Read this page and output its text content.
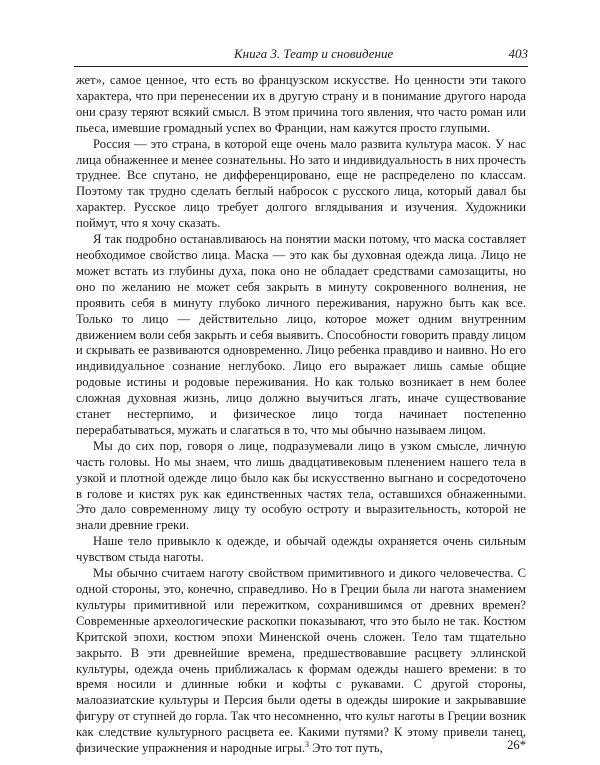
Книга 3. Театр и сновидение	403

жет», самое ценное, что есть во французском искусстве. Но ценности эти такого характера, что при перенесении их в другую страну и в понимание другого народа они сразу теряют всякий смысл. В этом причина того явления, что часто роман или пьеса, имевшие громадный успех во Франции, нам кажутся просто глупыми.

Россия — это страна, в которой еще очень мало развита культура масок. У нас лица обнаженнее и менее сознательны. Но зато и индивидуальность в них прочесть труднее. Все спутано, не дифференцировано, еще не распределено по классам. Поэтому так трудно сделать беглый набросок с русского лица, который давал бы характер. Русское лицо требует долгого вглядывания и изучения. Художники поймут, что я хочу сказать.

Я так подробно останавливаюсь на понятии маски потому, что маска составляет необходимое свойство лица. Маска — это как бы духовная одежда лица. Лицо не может встать из глубины духа, пока оно не обладает средствами самозащиты, но оно по желанию не может себя закрыть в минуту сокровенного волнения, не проявить себя в минуту глубоко личного переживания, наружно быть как все. Только то лицо — действительно лицо, которое может одним внутренним движением воли себя закрыть и себя выявить. Способности говорить правду лицом и скрывать ее развиваются одновременно. Лицо ребенка правдиво и наивно. Но его индивидуальное сознание неглубоко. Лицо его выражает лишь самые общие родовые истины и родовые переживания. Но как только возникает в нем более сложная духовная жизнь, лицо должно выучиться лгать, иначе существование станет нестерпимо, и физическое лицо тогда начинает постепенно перерабатываться, мужать и слагаться в то, что мы обычно называем лицом.

Мы до сих пор, говоря о лице, подразумевали лицо в узком смысле, личную часть головы. Но мы знаем, что лишь двадцативековым пленением нашего тела в узкой и плотной одежде лицо было как бы искусственно выгнано и сосредоточено в голове и кистях рук как единственных частях тела, оставшихся обнаженными. Это дало современному лицу ту особую остроту и выразительность, которой не знали древние греки.

Наше тело привыкло к одежде, и обычай одежды охраняется очень сильным чувством стыда наготы.

Мы обычно считаем наготу свойством примитивного и дикого человечества. С одной стороны, это, конечно, справедливо. Но в Греции была ли нагота знамением культуры примитивной или пережитком, сохранившимся от древних времен? Современные археологические раскопки показывают, что это было не так. Костюм Критской эпохи, костюм эпохи Миненской очень сложен. Тело там тщательно закрыто. В эти древнейшие времена, предшествовавшие расцвету эллинской культуры, одежда очень приближалась к формам одежды нашего времени: в то время носили и длинные юбки и кофты с рукавами. С другой стороны, малоазиатские культуры и Персия были одеты в одежды широкие и закрывавшие фигуру от ступней до горла. Так что несомненно, что культ наготы в Греции возник как следствие культурного расцвета ее. Какими путями? К этому привели танец, физические упражнения и народные игры.$^3$ Это тот путь,	26*
